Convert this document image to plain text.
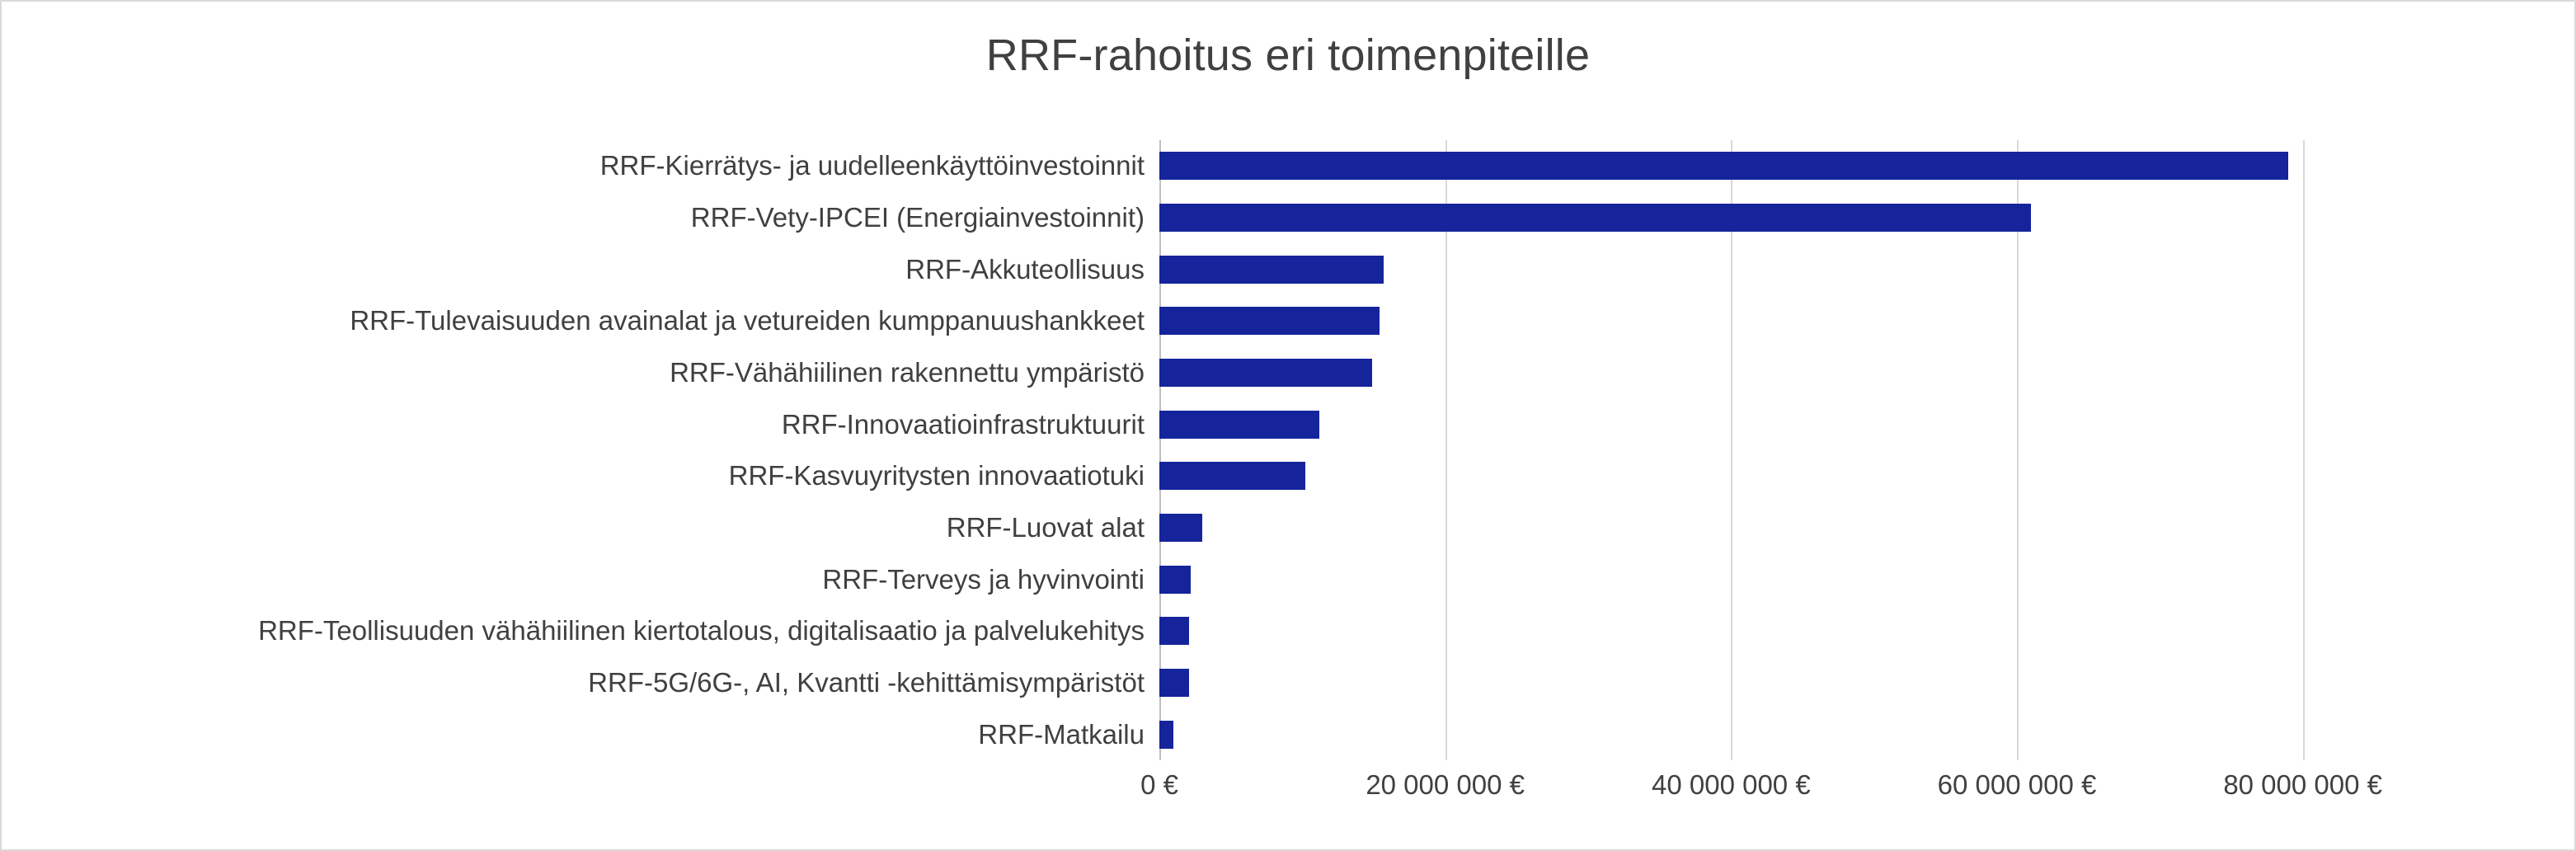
RRF-rahoitus eri toimenpiteille
RRF-Kierrätys- ja uudelleenkäyttöinvestoinnit
RRF-Vety-IPCEI (Energiainvestoinnit)
RRF-Akkuteollisuus
RRF-Tulevaisuuden avainalat ja vetureiden kumppanuushankkeet
RRF-Vähähiilinen rakennettu ympäristö
RRF-Innovaatioinfrastruktuurit
RRF-Kasvuyritysten innovaatiotuki
RRF-Luovat alat
RRF-Terveys ja hyvinvointi
RRF-Teollisuuden vähähiilinen kiertotalous, digitalisaatio ja palvelukehitys
RRF-5G/6G-, AI, Kvantti -kehittämisympäristöt
RRF-Matkailu
0 €	20 000 000 €	40 000 000 €	60 000 000 €	80 000 000 €
